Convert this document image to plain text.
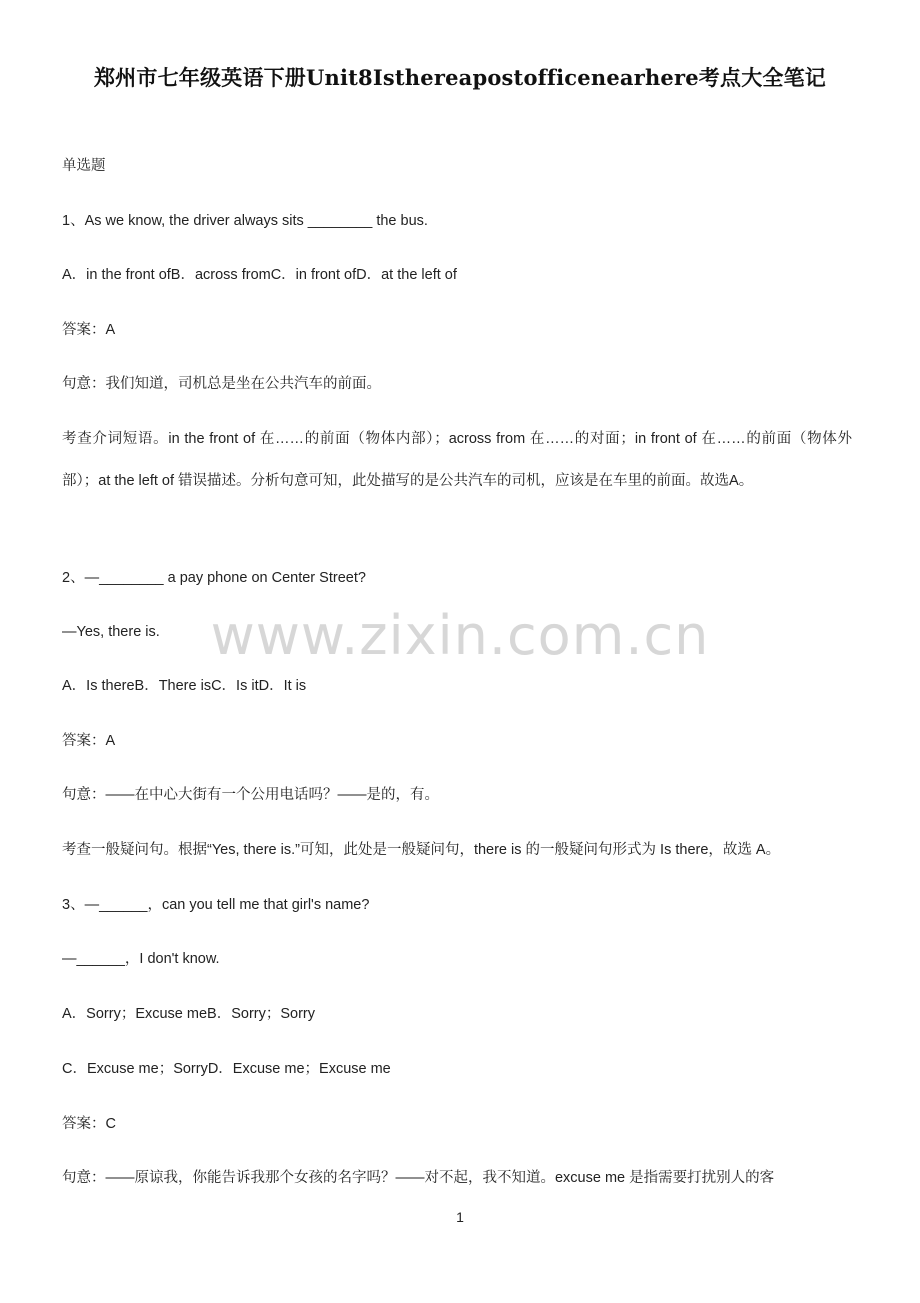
郑州市七年级英语下册Unit8Isthereapostofficenearhere考点大全笔记
单选题
1、As we know, the driver always sits ________ the bus.
A．in the front ofB．across fromC．in front ofD．at the left of
答案：A
句意：我们知道，司机总是坐在公共汽车的前面。

考查介词短语。in the front of 在……的前面（物体内部）；across from 在……的对面；in front of 在……的前面（物体外部）；at the left of 错误描述。分析句意可知，此处描写的是公共汽车的司机，应该是在车里的前面。故选A。

2、—________ a pay phone on Center Street?
—Yes, there is.
A．Is thereB．There isC．Is itD．It is
答案：A
句意：——在中心大街有一个公用电话吗？——是的，有。
考查一般疑问句。根据“Yes, there is.”可知，此处是一般疑问句，there is 的一般疑问句形式为 Is there，故选 A。
3、—______，can you tell me that girl's name?
—______，I don't know.
A．Sorry；Excuse meB．Sorry；Sorry
C．Excuse me；SorryD．Excuse me；Excuse me
答案：C
句意：——原谅我，你能告诉我那个女孩的名字吗？——对不起，我不知道。excuse me 是指需要打扰别人的客
www.zixin.com.cn
1
